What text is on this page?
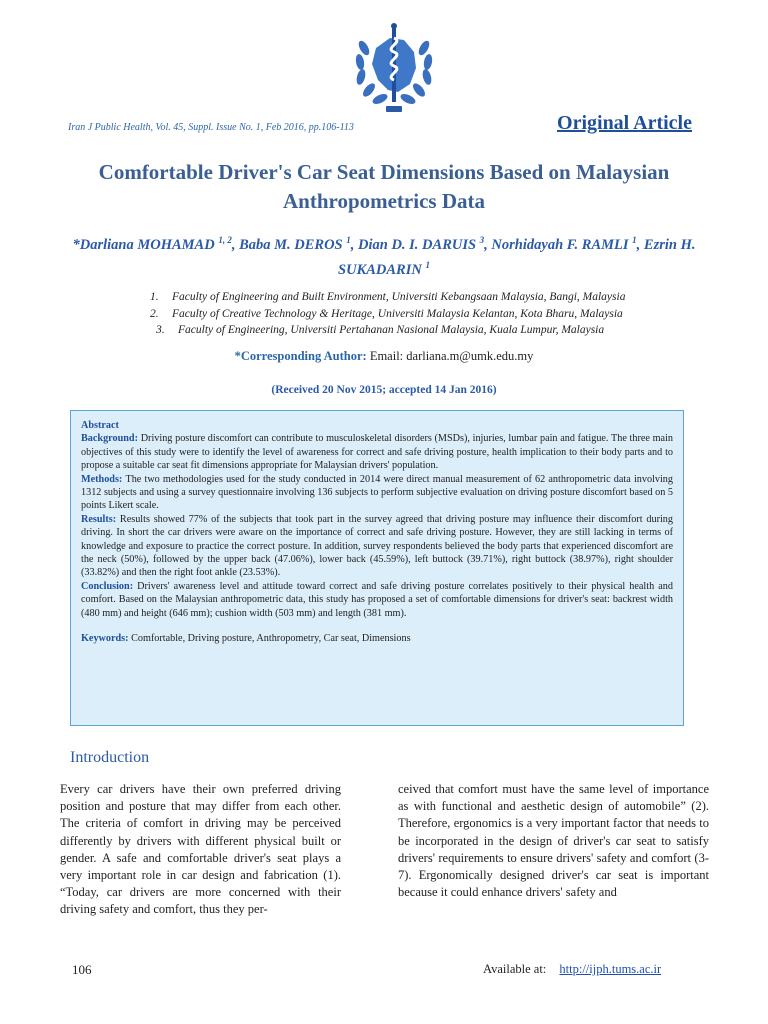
Iran J Public Health, Vol. 45, Suppl. Issue No. 1, Feb 2016, pp.106-113	Original Article
Comfortable Driver's Car Seat Dimensions Based on Malaysian Anthropometrics Data
*Darliana MOHAMAD $^{1, 2}$, Baba M. DEROS $^1$, Dian D. I. DARUIS $^3$, Norhidayah F. RAMLI $^1$, Ezrin H. SUKADARIN $^1$
1. Faculty of Engineering and Built Environment, Universiti Kebangsaan Malaysia, Bangi, Malaysia
2. Faculty of Creative Technology & Heritage, Universiti Malaysia Kelantan, Kota Bharu, Malaysia
3. Faculty of Engineering, Universiti Pertahanan Nasional Malaysia, Kuala Lumpur, Malaysia
*Corresponding Author: Email: darliana.m@umk.edu.my
(Received 20 Nov 2015; accepted 14 Jan 2016)

Abstract

Background: Driving posture discomfort can contribute to musculoskeletal disorders (MSDs), injuries, lumbar pain and fatigue. The three main objectives of this study were to identify the level of awareness for correct and safe driving posture, health implication to their body parts and to propose a suitable car seat fit dimensions appropriate for Malaysian drivers' population.

Methods: The two methodologies used for the study conducted in 2014 were direct manual measurement of 62 anthropometric data involving 1312 subjects and using a survey questionnaire involving 136 subjects to perform subjective evaluation on driving posture discomfort based on 5 points Likert scale.

Results: Results showed 77% of the subjects that took part in the survey agreed that driving posture may influence their discomfort during driving. In short the car drivers were aware on the importance of correct and safe driving posture. However, they are still lacking in terms of knowledge and exposure to practice the correct posture. In addition, survey respondents believed the body parts that experienced discomfort are the neck (50%), followed by the upper back (47.06%), lower back (45.59%), left buttock (39.71%), right buttock (38.97%), right shoulder (33.82%) and then the right foot ankle (23.53%).

Conclusion: Drivers' awareness level and attitude toward correct and safe driving posture correlates positively to their physical health and comfort. Based on the Malaysian anthropometric data, this study has proposed a set of comfortable dimensions for driver's seat: backrest width (480 mm) and height (646 mm); cushion width (503 mm) and length (381 mm).

Keywords: Comfortable, Driving posture, Anthropometry, Car seat, Dimensions

Introduction
Every car drivers have their own preferred driving position and posture that may differ from each other. The criteria of comfort in driving may be perceived differently by drivers with different physical built or gender. A safe and comfortable driver's seat plays a very important role in car design and fabrication (1). “Today, car drivers are more concerned with their driving safety and comfort, thus they per-
ceived that comfort must have the same level of importance as with functional and aesthetic design of automobile” (2). Therefore, ergonomics is a very important factor that needs to be incorporated in the design of driver's car seat to satisfy drivers' requirements to ensure drivers' safety and comfort (3-7). Ergonomically designed driver's car seat is important because it could enhance drivers' safety and
106	Available at: http://ijph.tums.ac.ir
